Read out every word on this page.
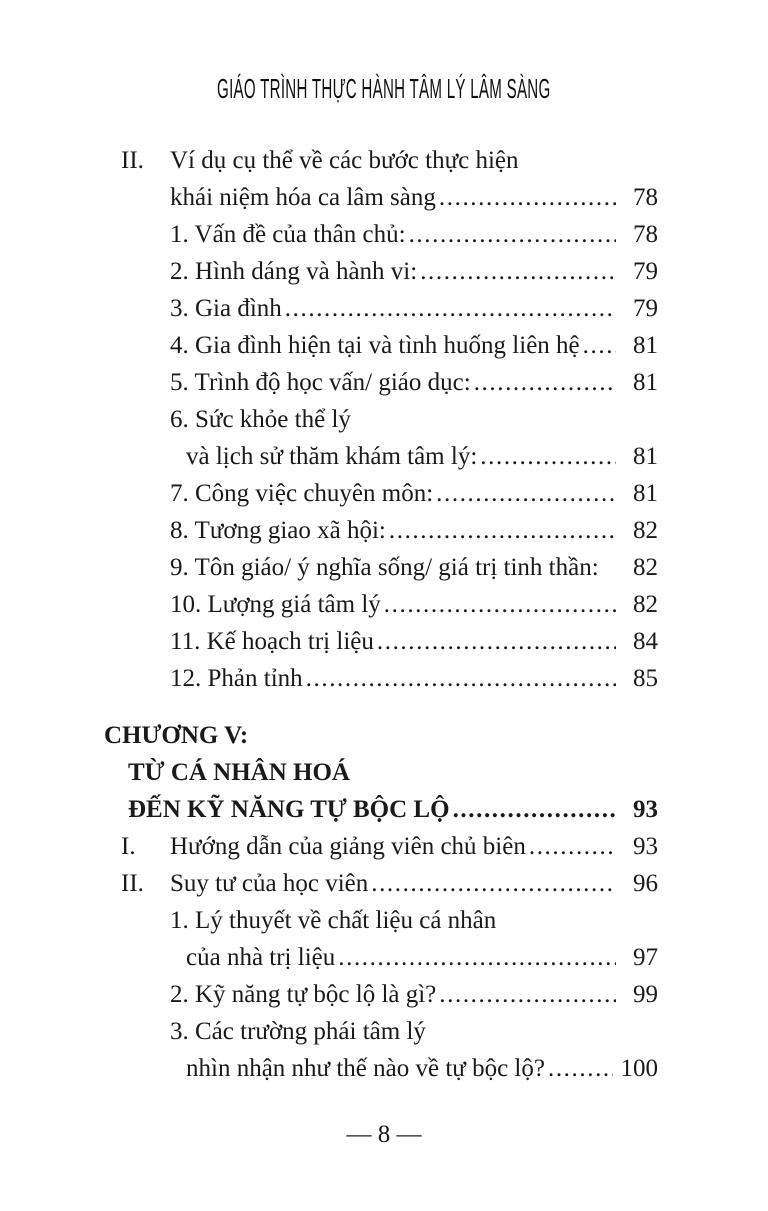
GIÁO TRÌNH THỰC HÀNH TÂM LÝ LÂM SÀNG
II.	Ví dụ cụ thể về các bước thực hiện
khái niệm hóa ca lâm sàng .....	78
1. Vấn đề của thân chủ: .....	78
2. Hình dáng và hành vi: .....	79
3. Gia đình .....	79
4. Gia đình hiện tại và tình huống liên hệ .....	81
5. Trình độ học vấn/ giáo dục: .....	81
6. Sức khỏe thể lý
và lịch sử thăm khám tâm lý: .....	81
7. Công việc chuyên môn: .....	81
8. Tương giao xã hội: .....	82
9. Tôn giáo/ ý nghĩa sống/ giá trị tinh thần:	82
10. Lượng giá tâm lý .....	82
11. Kế hoạch trị liệu .....	84
12. Phản tỉnh .....	85
CHƯƠNG V:
TỪ CÁ NHÂN HOÁ
ĐẾN KỸ NĂNG TỰ BỘC LỘ .....	93
I.	Hướng dẫn của giảng viên chủ biên .....	93
II.	Suy tư của học viên .....	96
1. Lý thuyết về chất liệu cá nhân
của nhà trị liệu .....	97
2. Kỹ năng tự bộc lộ là gì? .....	99
3. Các trường phái tâm lý
nhìn nhận như thế nào về tự bộc lộ? .....	100
— 8 —
